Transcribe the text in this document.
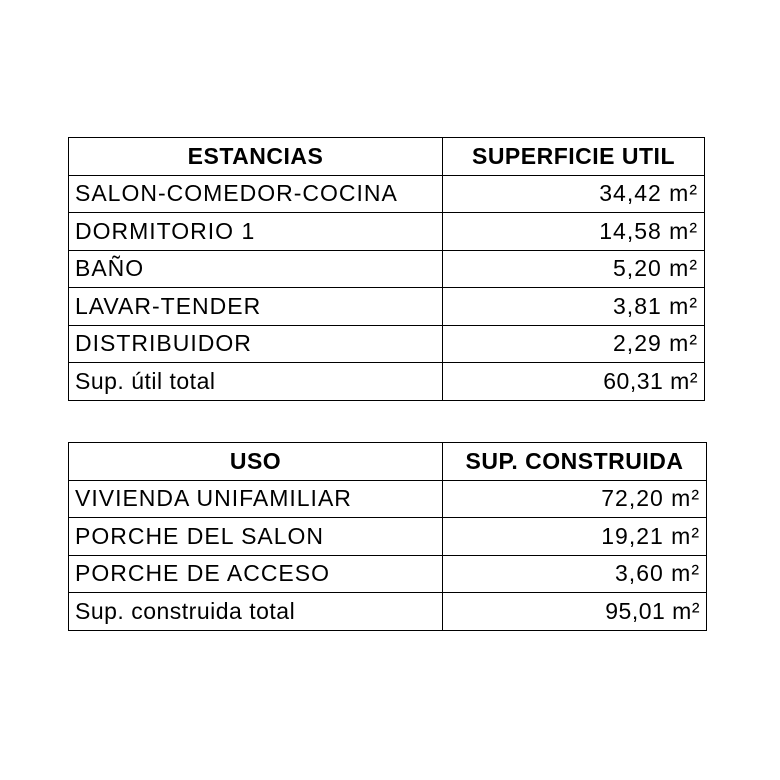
ESTANCIAS	SUPERFICIE UTIL
SALON-COMEDOR-COCINA	34,42 m²
DORMITORIO 1	14,58 m²
BAÑO	5,20 m²
LAVAR-TENDER	3,81 m²
DISTRIBUIDOR	2,29 m²
Sup. útil total	60,31 m²
USO	SUP. CONSTRUIDA
VIVIENDA UNIFAMILIAR	72,20 m²
PORCHE DEL SALON	19,21 m²
PORCHE DE ACCESO	3,60 m²
Sup. construida total	95,01 m²
